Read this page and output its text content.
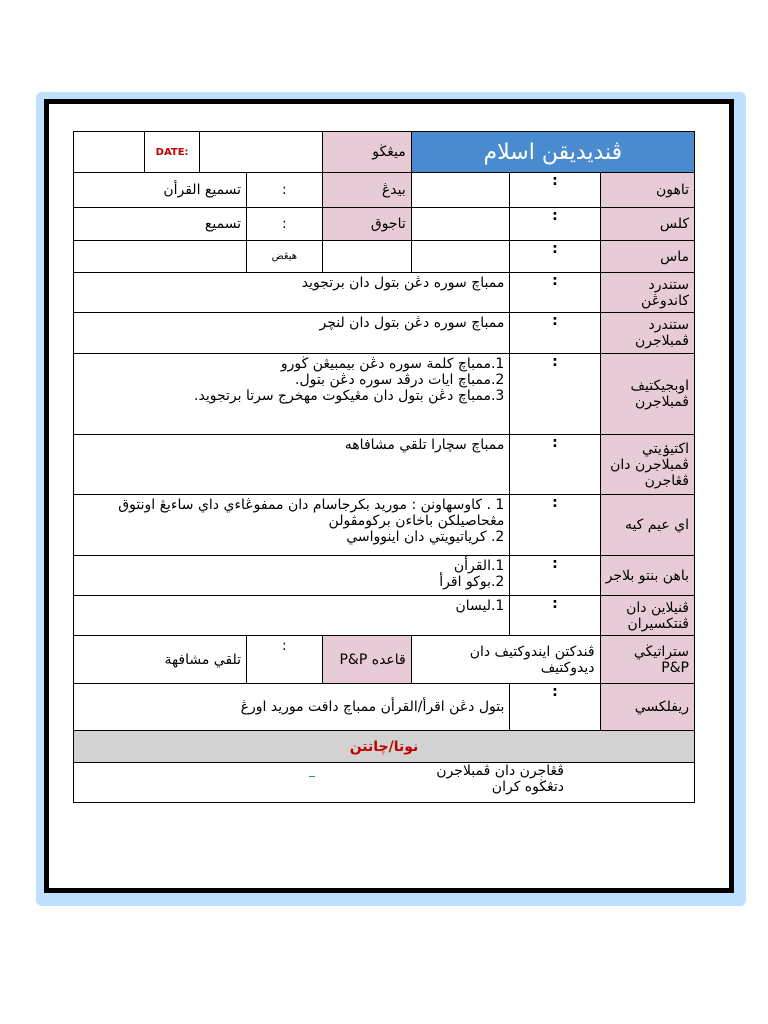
	DATE:			ميڠڬو	ڤنديديقن اسلام		
تسميع القرأن			:	بيدڠ		:	تاهون
تسميع			:	تاجوق		:	كلس
			هيڠض			:	ماس
ممباچ سوره دڠن بتول دان برتجويد						:	ستندرد كاندوڠن
ممباچ سوره دڠن بتول دان لنچر						:	ستندرد ڤمبلاجرن

1.ممباچ كلمة سوره دڠن بيمبيڠن ڬورو
2.ممباچ ايات درڤد سوره دڠن بتول.
3.ممباچ دڠن بتول دان مڠيكوت مهخرج سرتا برتجويد.						:	اوبجيكتيف ڤمبلاجرن
ممباچ سچارا تلقي مشافاهه						:	اكتيۏيتي ڤمبلاجرن دان ڤڠاجرن

1 . كاوسهاونن : موريد بكرجاسام دان ممفوڠاءي داي ساءيڠ اونتوق مڠحاصيلكن باخاءن بركومڤولن
2. كرياتيويتي دان اينوواسي						:	اي عيم كيه

1.القرأن
2.بوكو اقرأ						:	باهن بنتو بلاجر
1.ليسان						:	ڤنيلاين دان ڤنتكسيران
تلقي مشافهة			:	قاعده P&P	ڤندكتن ايندوكتيف دان ديدوكتيف		ستراتيڬي P&P
بتول دڠن اقرأ/القرأن ممباچ دافت موريد اورڠ						:	ريفلكسي
نوتا/چاتتن							

ڤڠاجرن دان ڤمبلاجرن
دتڠڬوه كران							
